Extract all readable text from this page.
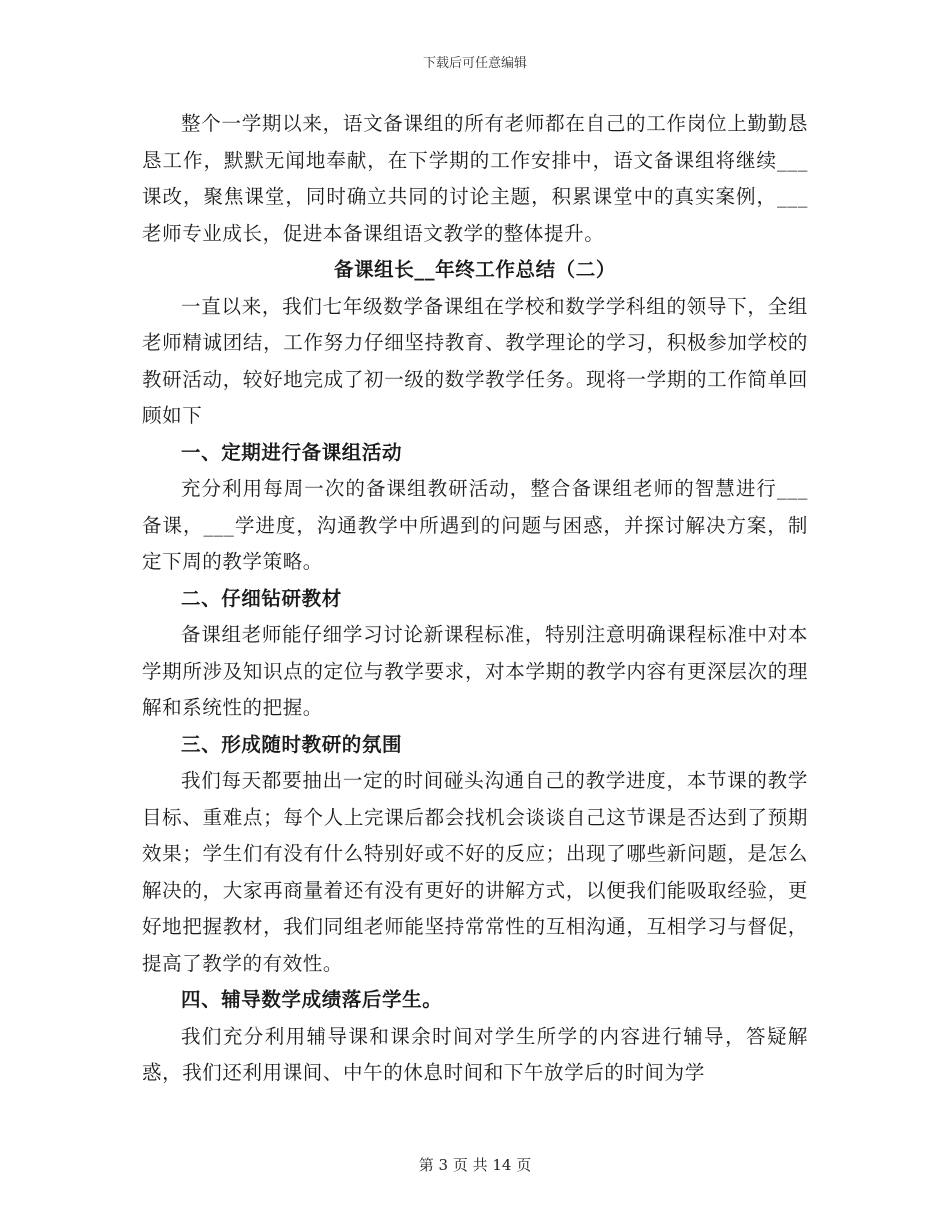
下载后可任意编辑

整个一学期以来，语文备课组的所有老师都在自己的工作岗位上勤勤恳恳工作，默默无闻地奉献，在下学期的工作安排中，语文备课组将继续___课改，聚焦课堂，同时确立共同的讨论主题，积累课堂中的真实案例，___老师专业成长，促进本备课组语文教学的整体提升。

备课组长__年终工作总结（二）

一直以来，我们七年级数学备课组在学校和数学学科组的领导下，全组老师精诚团结，工作努力仔细坚持教育、教学理论的学习，积极参加学校的教研活动，较好地完成了初一级的数学教学任务。现将一学期的工作简单回顾如下

一、定期进行备课组活动

充分利用每周一次的备课组教研活动，整合备课组老师的智慧进行___备课，___学进度，沟通教学中所遇到的问题与困惑，并探讨解决方案，制定下周的教学策略。

二、仔细钻研教材

备课组老师能仔细学习讨论新课程标准，特别注意明确课程标准中对本学期所涉及知识点的定位与教学要求，对本学期的教学内容有更深层次的理解和系统性的把握。

三、形成随时教研的氛围

我们每天都要抽出一定的时间碰头沟通自己的教学进度，本节课的教学目标、重难点；每个人上完课后都会找机会谈谈自己这节课是否达到了预期效果；学生们有没有什么特别好或不好的反应；出现了哪些新问题，是怎么解决的，大家再商量着还有没有更好的讲解方式，以便我们能吸取经验，更好地把握教材，我们同组老师能坚持常常性的互相沟通，互相学习与督促，提高了教学的有效性。

四、辅导数学成绩落后学生。

我们充分利用辅导课和课余时间对学生所学的内容进行辅导，答疑解惑，我们还利用课间、中午的休息时间和下午放学后的时间为学

第 3 页 共 14 页
